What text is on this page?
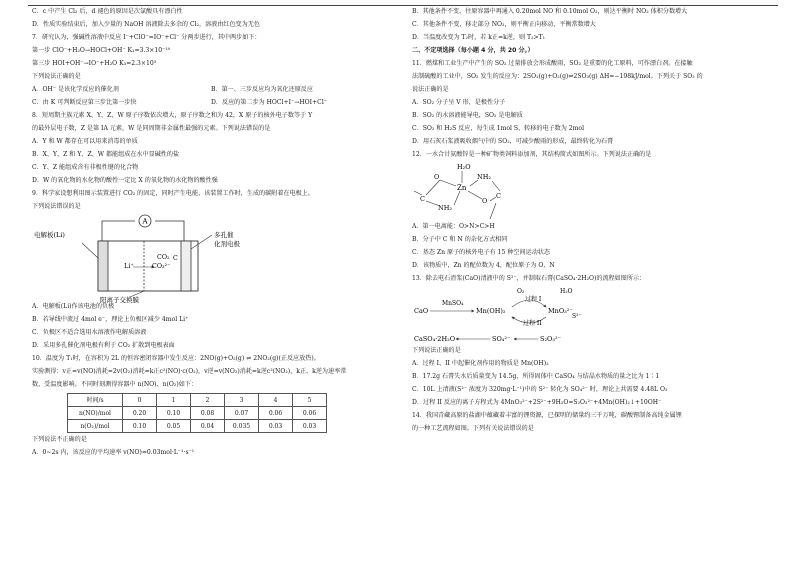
C．c 中产生 Cl₂ 后，d 褪色的原因是次氯酸具有漂白性
D．性质实验结束后，加入少量的 NaOH 溶液除去多余的 Cl₂，溶液由红色变为无色
7．研究认为，强碱性溶液中反应 I⁻+ClO⁻=IO⁻+Cl⁻ 分两步进行，其中两步如下：
第一步 ClO⁻+H₂O→HOCl+OH⁻ K₁=3.3×10⁻¹⁰
第三步 HOI+OH⁻→IO⁻+H₂O K₃=2.3×10³
下列说法正确的是
A．OH⁻ 是该化学反应的催化剂	B．第一、三步反应均为氧化还原反应
C．由 K 可判断反应第三步比第一步快	D．反应的第二步为 HOCl+I⁻→HOI+Cl⁻
8．短周期主族元素 X、Y、Z、W 原子序数依次增大，原子序数之和为 42，X 原子的核外电子数等于 Y
的最外层电子数，Z 是第 IA 元素，W 是同周期非金属性最强的元素。下列说法错误的是
A．Y 和 W 都存在可以用来消毒的单质
B．X、Y、Z 和 Y、Z、W 都能组成在水中显碱性的盐
C．Y、Z 能组成含有非极性键的化合物
D．W 的氧化物的水化物的酸性一定比 X 的氧化物的水化物的酸性强
9．科学家设想利用图示装置进行 CO₂ 的固定，同时产生电能，该装置工作时，生成的碳附着在电极上。
下列说法错误的是
A
电解板(Li)
Li⁺
CO₂
CO₃²⁻
C
多孔催
化剂电极
阳离子交换膜
A．电解板(Li)作该电池的负极
B．若导线中流过 4mol e⁻，理论上负极区减少 4mol Li⁺
C．负极区不适合选用水溶液作电解质溶液
D．采用多孔催化剂电极有利于 CO₂ 扩散到电极表面
10．温度为 T₁时，在容积为 2L 的恒容密闭容器中发生反应：2NO(g)+O₂(g) ⇌ 2NO₂(g)(正反应放热)。
实验测得：v正=v(NO)消耗=2v(O₂)消耗=k正c²(NO)·c(O₂)，v逆=v(NO₂)消耗=k逆c²(NO₂)，k正、k逆为速率常
数，受温度影响。不同时刻测得容器中 n(NO)、n(O₂)如下：
时间/s	0	1	2	3	4	5
n(NO)/mol	0.20	0.10	0.08	0.07	0.06	0.06
n(O₂)/mol	0.10	0.05	0.04	0.035	0.03	0.03
下列说法不正确的是
A．0~2s 内，该反应的平均速率 v(NO)=0.03mol·L⁻¹·s⁻¹
B．其他条件不变，往原容器中再通入 0.20mol NO 和 0.10mol O₂，则达平衡时 NO₂ 体积分数增大
C．其他条件不变，移走部分 NO₂，则平衡正向移动，平衡常数增大
D．当温度改变为 T₂时，若 k正=k逆，则 T₂>T₁
二、不定项选择（每小题 4 分，共 20 分。）
11．燃煤和工业生产中产生的 SO₂ 过量排放会形成酸雨，SO₂ 是重要的化工原料，可作漂白剂。在接触
法制硫酸的工业中，SO₂ 发生的反应为：2SO₂(g)+O₂(g)⇌2SO₃(g) ΔH=−198kJ/mol。下列关于 SO₂ 的
说法正确的是
A．SO₂ 分子呈 V 形，是极性分子
B．SO₂ 的水溶液能导电，SO₂ 是电解质
C．SO₂ 和 H₂S 反应，每生成 1mol S，转移的电子数为 2mol
D．用石灰石浆液吸收烟气中的 SO₂，可减少酸雨的形成，最终转化为石膏
12．一水合甘氨酸锌是一种矿物类饲料添加剂，其结构简式如图所示。下列说法正确的是
H₂O
Zn
O	NH₂
C	O
NH₂
C
A．第一电离能：O>N>C>H
B．分子中 C 和 N 的杂化方式相同
C．基态 Zn 原子的核外电子有 15 种空间运动状态
D．该物质中，Zn 的配位数为 4，配位原子为 O、N
13．除去电石渣浆(CaO)清液中的 S²⁻，并制取石膏(CaSO₄·2H₂O)的流程如图所示：
CaO
MnSO₄
Mn(OH)₂	MnO₃²⁻
O₂
过程 I
H₂O
过程 II
S²⁻
CaSO₄·2H₂O	SO₄²⁻	S₂O₃²⁻
下列说法正确的是
A．过程 I、II 中起催化剂作用的物质是 Mn(OH)₂
B．17.2g 石膏失水后质量变为 14.5g，所得固体中 CaSO₄ 与结晶水物质的量之比为 1∶1
C．10L 上清液(S²⁻ 浓度为 320mg·L⁻¹)中的 S²⁻ 转化为 SO₄²⁻ 时，理论上共需要 4.48L O₂
D．过程 II 反应的离子方程式为 4MnO₃²⁻+2S²⁻+9H₂O=S₂O₃²⁻+4Mn(OH)₂↓+10OH⁻
14．我国青藏高原的盐湖中蕴藏着丰富的锂资源，已探明的储量约三千万吨，碳酸锂制备高纯金属锂
的一种工艺流程如图。下列有关说法错误的是
